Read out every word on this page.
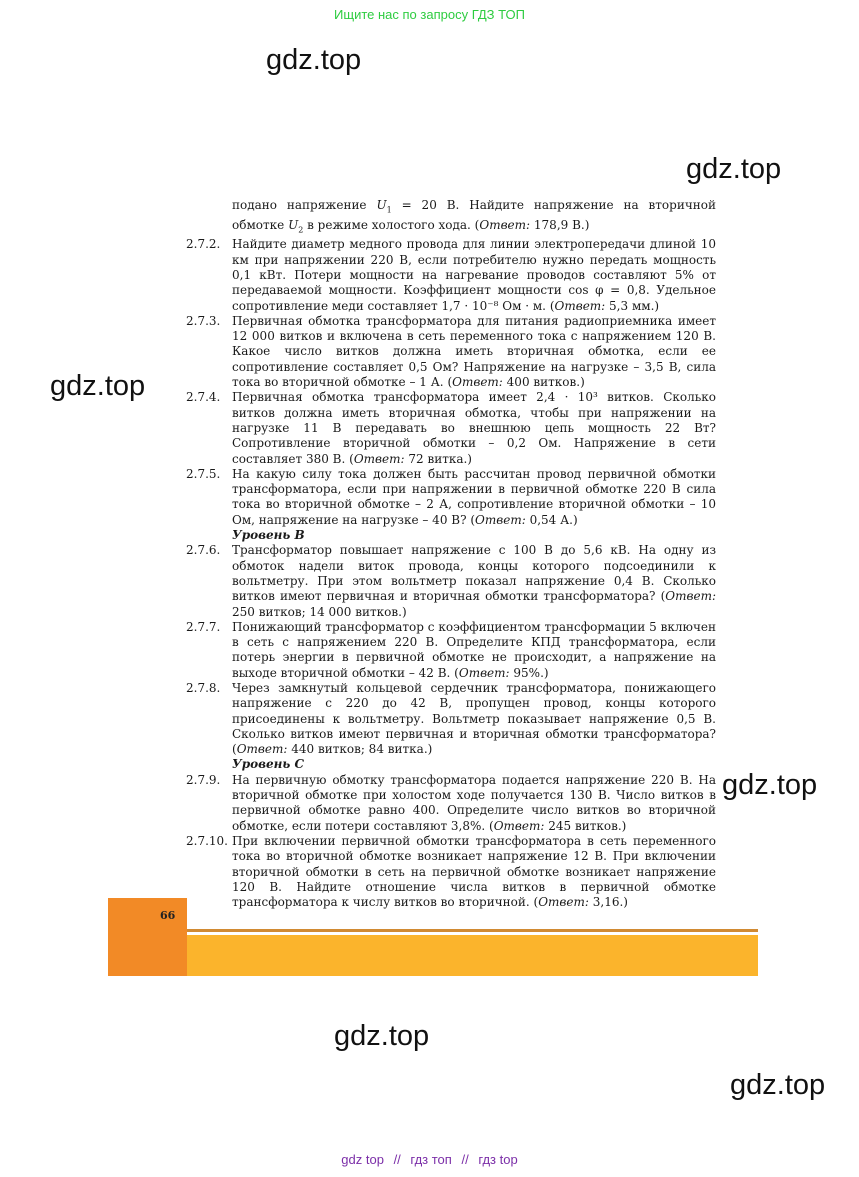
Ищите нас по запросу ГДЗ ТОП
gdz.top
gdz.top
gdz.top
gdz.top
gdz.top
gdz.top

подано напряжение $U_1 = 20$ В. Найдите напряжение на вторичной обмотке $U_2$ в режиме холостого хода. (Ответ: 178,9 В.)

2.7.2. Найдите диаметр медного провода для линии электропередачи длиной 10 км при напряжении 220 В, если потребителю нужно передать мощность 0,1 кВт. Потери мощности на нагревание проводов составляют 5% от передаваемой мощности. Коэффициент мощности cos φ = 0,8. Удельное сопротивление меди составляет 1,7 · 10⁻⁸ Ом · м. (Ответ: 5,3 мм.)
2.7.3. Первичная обмотка трансформатора для питания радиоприемника имеет 12 000 витков и включена в сеть переменного тока с напряжением 120 В. Какое число витков должна иметь вторичная обмотка, если ее сопротивление составляет 0,5 Ом? Напряжение на нагрузке – 3,5 В, сила тока во вторичной обмотке – 1 А. (Ответ: 400 витков.)
2.7.4. Первичная обмотка трансформатора имеет 2,4 · 10³ витков. Сколько витков должна иметь вторичная обмотка, чтобы при напряжении на нагрузке 11 В передавать во внешнюю цепь мощность 22 Вт? Сопротивление вторичной обмотки – 0,2 Ом. Напряжение в сети составляет 380 В. (Ответ: 72 витка.)
2.7.5. На какую силу тока должен быть рассчитан провод первичной обмотки трансформатора, если при напряжении в первичной обмотке 220 В сила тока во вторичной обмотке – 2 А, сопротивление вторичной обмотки – 10 Ом, напряжение на нагрузке – 40 В? (Ответ: 0,54 А.)

Уровень В

2.7.6. Трансформатор повышает напряжение с 100 В до 5,6 кВ. На одну из обмоток надели виток провода, концы которого подсоединили к вольтметру. При этом вольтметр показал напряжение 0,4 В. Сколько витков имеют первичная и вторичная обмотки трансформатора? (Ответ: 250 витков; 14 000 витков.)
2.7.7. Понижающий трансформатор с коэффициентом трансформации 5 включен в сеть с напряжением 220 В. Определите КПД трансформатора, если потерь энергии в первичной обмотке не происходит, а напряжение на выходе вторичной обмотки – 42 В. (Ответ: 95%.)
2.7.8. Через замкнутый кольцевой сердечник трансформатора, понижающего напряжение с 220 до 42 В, пропущен провод, концы которого присоединены к вольтметру. Вольтметр показывает напряжение 0,5 В. Сколько витков имеют первичная и вторичная обмотки трансформатора? (Ответ: 440 витков; 84 витка.)

Уровень С

2.7.9. На первичную обмотку трансформатора подается напряжение 220 В. На вторичной обмотке при холостом ходе получается 130 В. Число витков в первичной обмотке равно 400. Определите число витков во вторичной обмотке, если потери составляют 3,8%. (Ответ: 245 витков.)
2.7.10. При включении первичной обмотки трансформатора в сеть переменного тока во вторичной обмотке возникает напряжение 12 В. При включении вторичной обмотки в сеть на первичной обмотке возникает напряжение 120 В. Найдите отношение числа витков в первичной обмотке трансформатора к числу витков во вторичной. (Ответ: 3,16.)
66
gdz top // гдз топ // гдз top
